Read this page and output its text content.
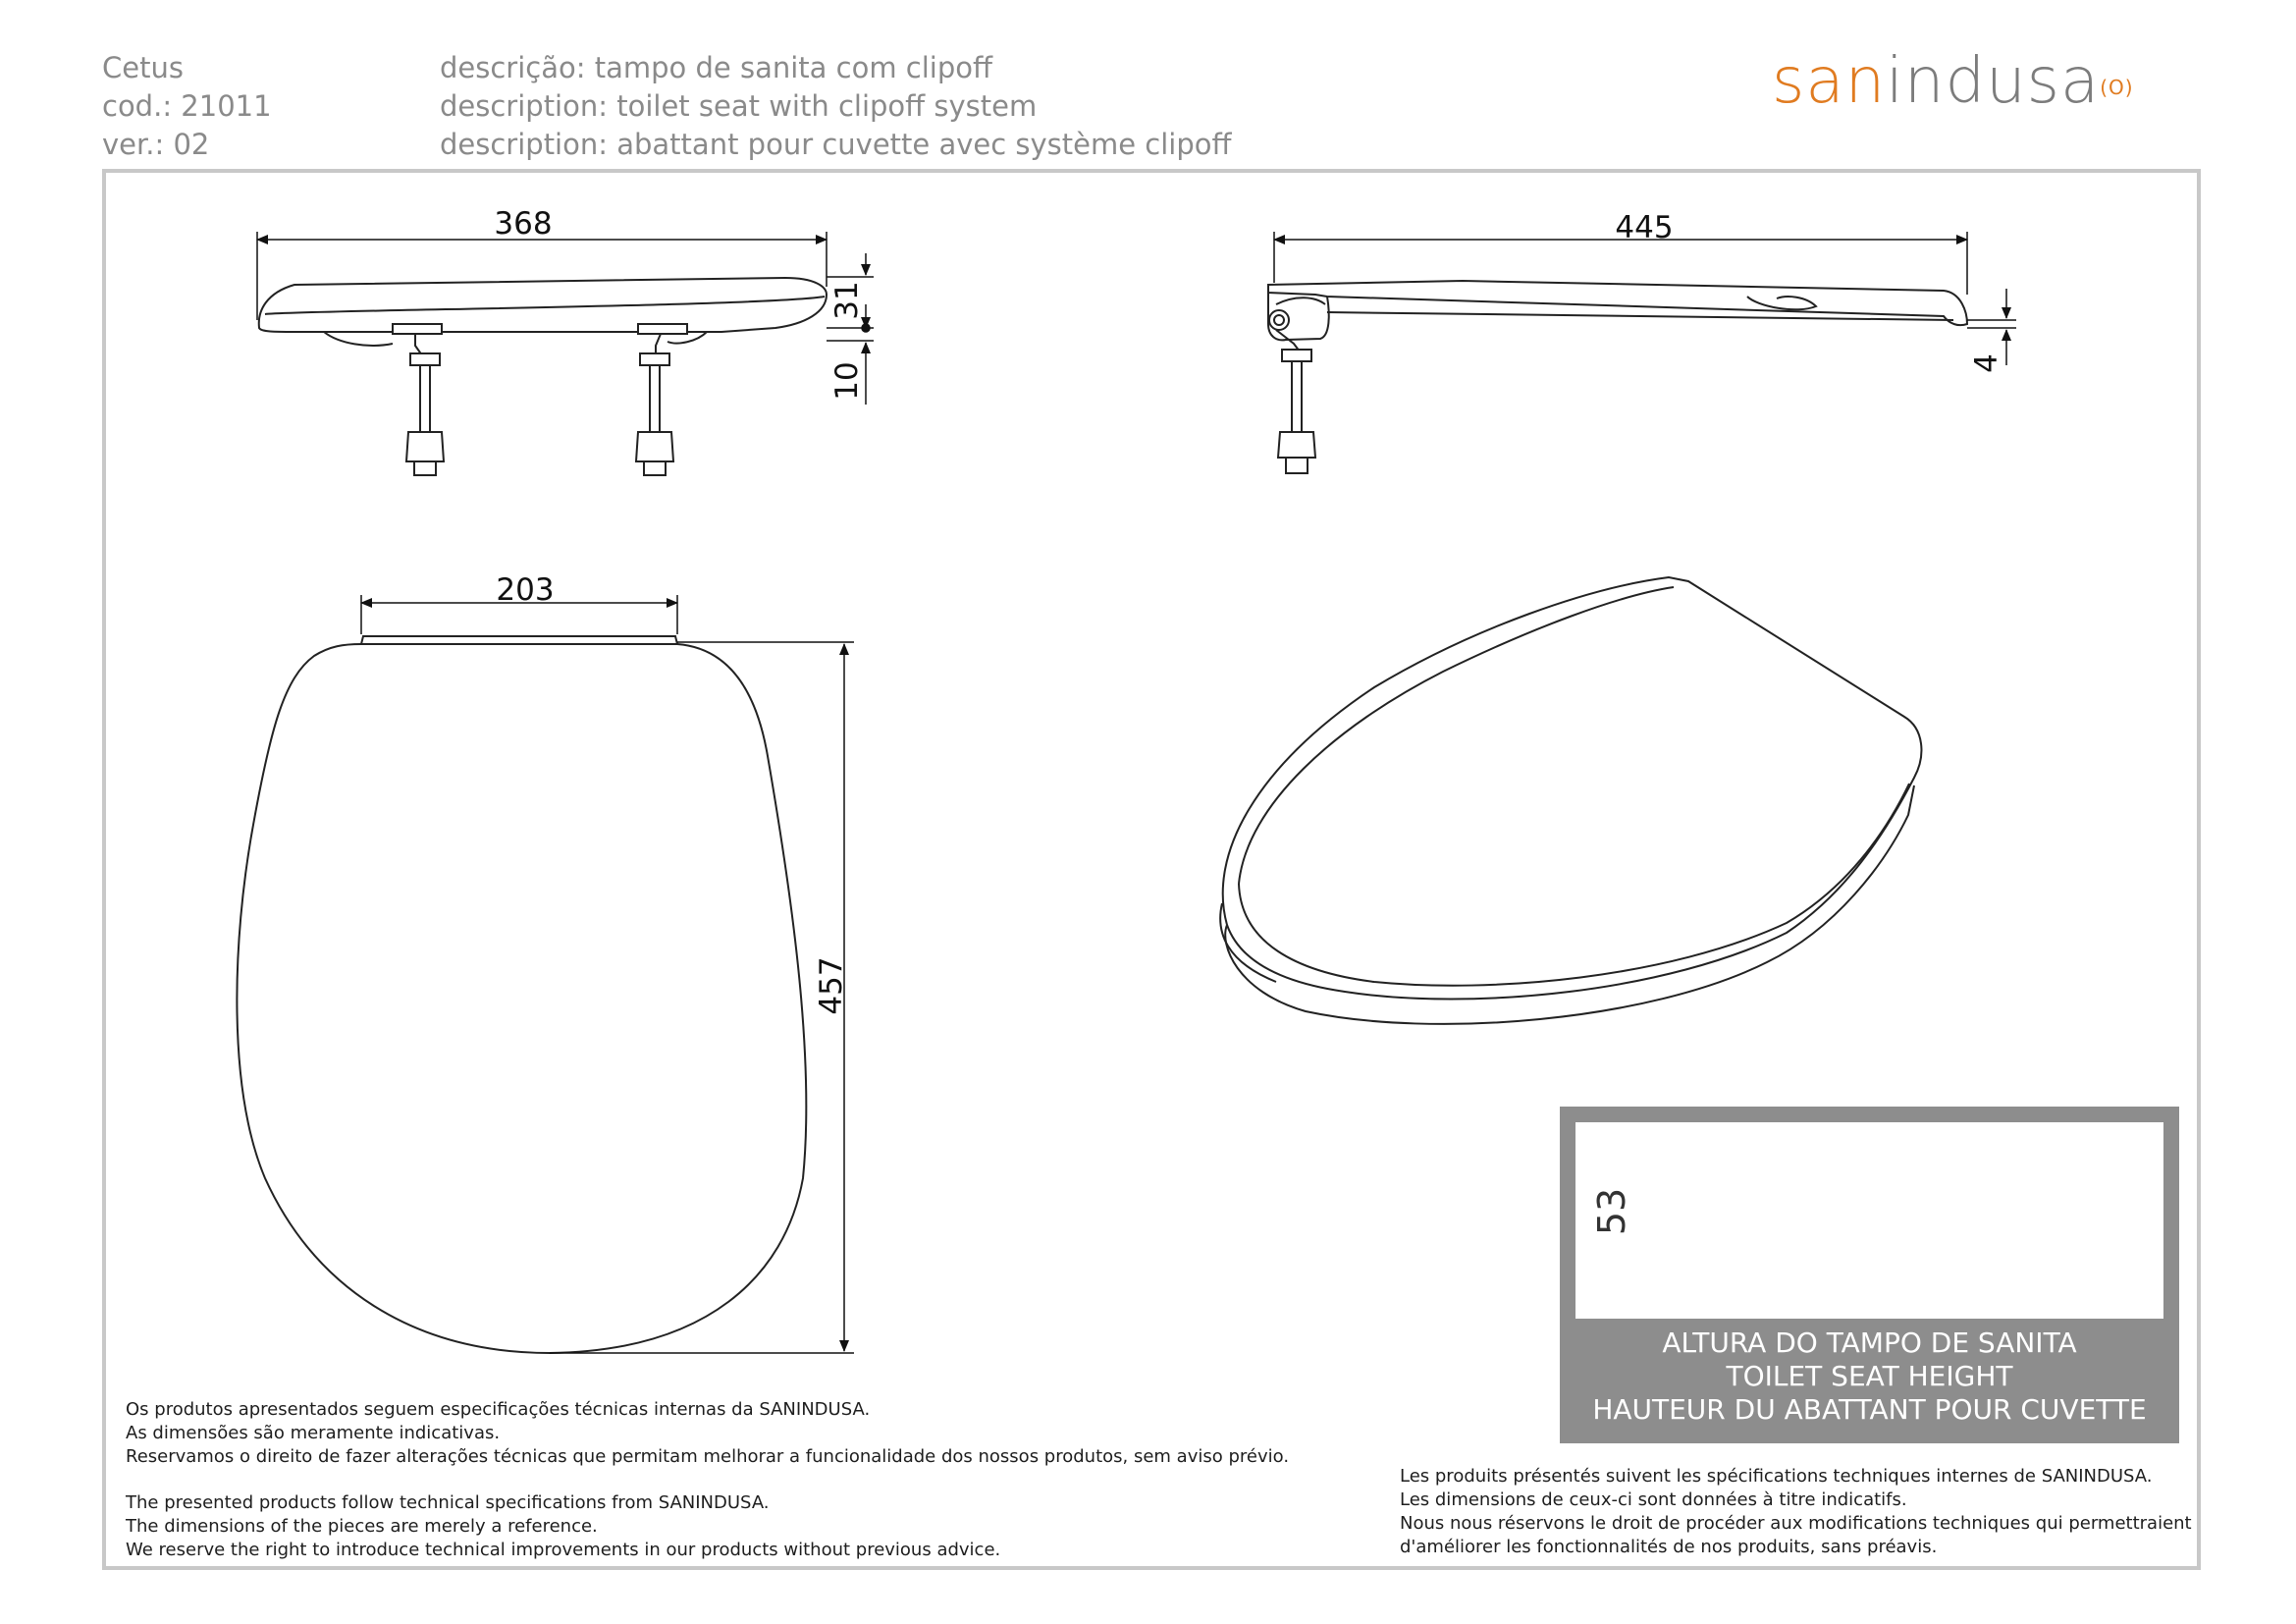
Cetus
cod.: 21011
ver.: 02
descrição: tampo de sanita com clipoff
description: toilet seat with clipoff system
description: abattant pour cuvette avec système clipoff
sanindusa$^{(O)}$
368
31
10
445
4
203
457
ALTURA DO TAMPO DE SANITA
TOILET SEAT HEIGHT
HAUTEUR DU ABATTANT POUR CUVETTE
53
Os produtos apresentados seguem especificações técnicas internas da SANINDUSA.
As dimensões são meramente indicativas.
Reservamos o direito de fazer alterações técnicas que permitam melhorar a funcionalidade dos nossos produtos, sem aviso prévio.
The presented products follow technical specifications from SANINDUSA.
The dimensions of the pieces are merely a reference.
We reserve the right to introduce technical improvements in our products without previous advice.
Les produits présentés suivent les spécifications techniques internes de SANINDUSA.
Les dimensions de ceux-ci sont données à titre indicatifs.
Nous nous réservons le droit de procéder aux modifications techniques qui permettraient
d'améliorer les fonctionnalités de nos produits, sans préavis.
